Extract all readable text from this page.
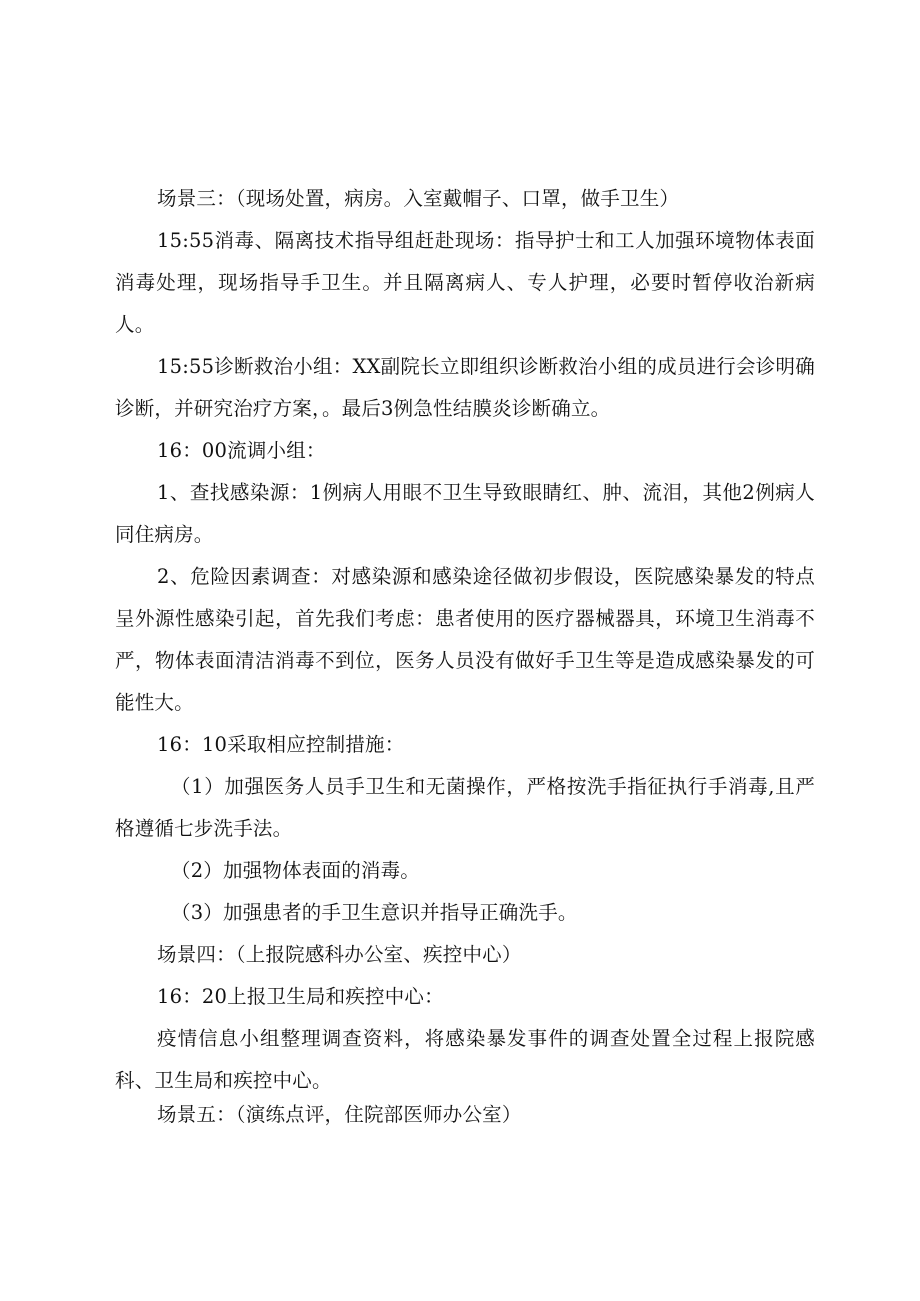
场景三：（现场处置，病房。入室戴帽子、口罩，做手卫生）

15:55消毒、隔离技术指导组赶赴现场：指导护士和工人加强环境物体表面消毒处理，现场指导手卫生。并且隔离病人、专人护理，必要时暂停收治新病人。

15:55诊断救治小组：XX副院长立即组织诊断救治小组的成员进行会诊明确诊断，并研究治疗方案，。最后3例急性结膜炎诊断确立。

16：00流调小组：

1、查找感染源：1例病人用眼不卫生导致眼睛红、肿、流泪，其他2例病人同住病房。

2、危险因素调查：对感染源和感染途径做初步假设，医院感染暴发的特点呈外源性感染引起，首先我们考虑：患者使用的医疗器械器具，环境卫生消毒不严，物体表面清洁消毒不到位，医务人员没有做好手卫生等是造成感染暴发的可能性大。

16：10采取相应控制措施：

（1）加强医务人员手卫生和无菌操作，严格按洗手指征执行手消毒,且严格遵循七步洗手法。

（2）加强物体表面的消毒。

（3）加强患者的手卫生意识并指导正确洗手。

场景四：（上报院感科办公室、疾控中心）

16：20上报卫生局和疾控中心：

疫情信息小组整理调查资料，将感染暴发事件的调查处置全过程上报院感科、卫生局和疾控中心。

场景五：（演练点评，住院部医师办公室）
